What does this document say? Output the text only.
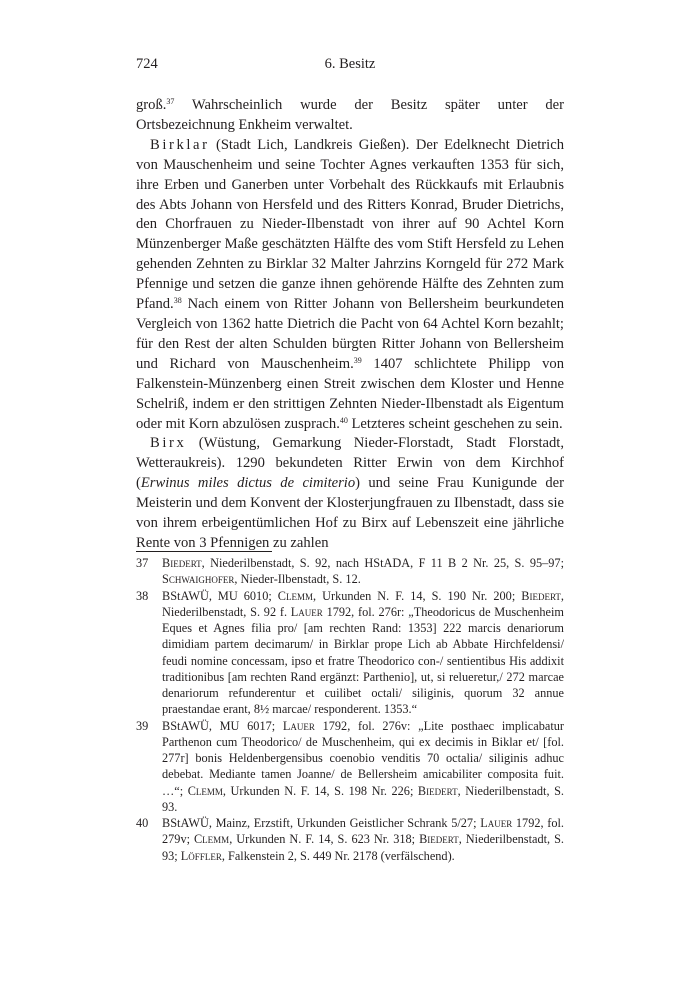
724	6. Besitz

groß.$^{37}$ Wahrscheinlich wurde der Besitz später unter der Ortsbezeichnung Enkheim verwaltet.

Birklar (Stadt Lich, Landkreis Gießen). Der Edelknecht Dietrich von Mauschenheim und seine Tochter Agnes verkauften 1353 für sich, ihre Erben und Ganerben unter Vorbehalt des Rückkaufs mit Erlaubnis des Abts Johann von Hersfeld und des Ritters Konrad, Bruder Dietrichs, den Chorfrauen zu Nieder-Ilbenstadt von ihrer auf 90 Achtel Korn Münzenberger Maße geschätzten Hälfte des vom Stift Hersfeld zu Lehen gehenden Zehnten zu Birklar 32 Malter Jahrzins Korngeld für 272 Mark Pfennige und setzen die ganze ihnen gehörende Hälfte des Zehnten zum Pfand.$^{38}$ Nach einem von Ritter Johann von Bellersheim beurkundeten Vergleich von 1362 hatte Dietrich die Pacht von 64 Achtel Korn bezahlt; für den Rest der alten Schulden bürgten Ritter Johann von Bellersheim und Richard von Mauschenheim.$^{39}$ 1407 schlichtete Philipp von Falkenstein-Münzenberg einen Streit zwischen dem Kloster und Henne Schelriß, indem er den strittigen Zehnten Nieder-Ilbenstadt als Eigentum oder mit Korn abzulösen zusprach.$^{40}$ Letzteres scheint geschehen zu sein.

Birx (Wüstung, Gemarkung Nieder-Florstadt, Stadt Florstadt, Wetteraukreis). 1290 bekundeten Ritter Erwin von dem Kirchhof (Erwinus miles dictus de cimiterio) und seine Frau Kunigunde der Meisterin und dem Konvent der Klosterjungfrauen zu Ilbenstadt, dass sie von ihrem erbeigentümlichen Hof zu Birx auf Lebenszeit eine jährliche Rente von 3 Pfennigen zu zahlen

37 Biedert, Niederilbenstadt, S. 92, nach HStADA, F 11 B 2 Nr. 25, S. 95–97; Schwaighofer, Nieder-Ilbenstadt, S. 12.
38 BStAWÜ, MU 6010; Clemm, Urkunden N. F. 14, S. 190 Nr. 200; Biedert, Niederilbenstadt, S. 92 f. Lauer 1792, fol. 276r: „Theodoricus de Muschenheim Eques et Agnes filia pro/ [am rechten Rand: 1353] 222 marcis denariorum dimidiam partem decimarum/ in Birklar prope Lich ab Abbate Hirchfeldensi/ feudi nomine concessam, ipso et fratre Theodorico con-/ sentientibus His addixit traditionibus [am rechten Rand ergänzt: Parthenio], ut, si relueretur,/ 272 marcae denariorum refunderentur et cuilibet octali/ siliginis, quorum 32 annue praestandae erant, 8½ marcae/ responderent. 1353.“
39 BStAWÜ, MU 6017; Lauer 1792, fol. 276v: „Lite posthaec implicabatur Parthenon cum Theodorico/ de Muschenheim, qui ex decimis in Biklar et/ [fol. 277r] bonis Heldenbergensibus coenobio venditis 70 octalia/ siliginis adhuc debebat. Mediante tamen Joanne/ de Bellersheim amicabiliter composita fuit. …“; Clemm, Urkunden N. F. 14, S. 198 Nr. 226; Biedert, Niederilbenstadt, S. 93.
40 BStAWÜ, Mainz, Erzstift, Urkunden Geistlicher Schrank 5/27; Lauer 1792, fol. 279v; Clemm, Urkunden N. F. 14, S. 623 Nr. 318; Biedert, Niederilbenstadt, S. 93; Löffler, Falkenstein 2, S. 449 Nr. 2178 (verfälschend).
